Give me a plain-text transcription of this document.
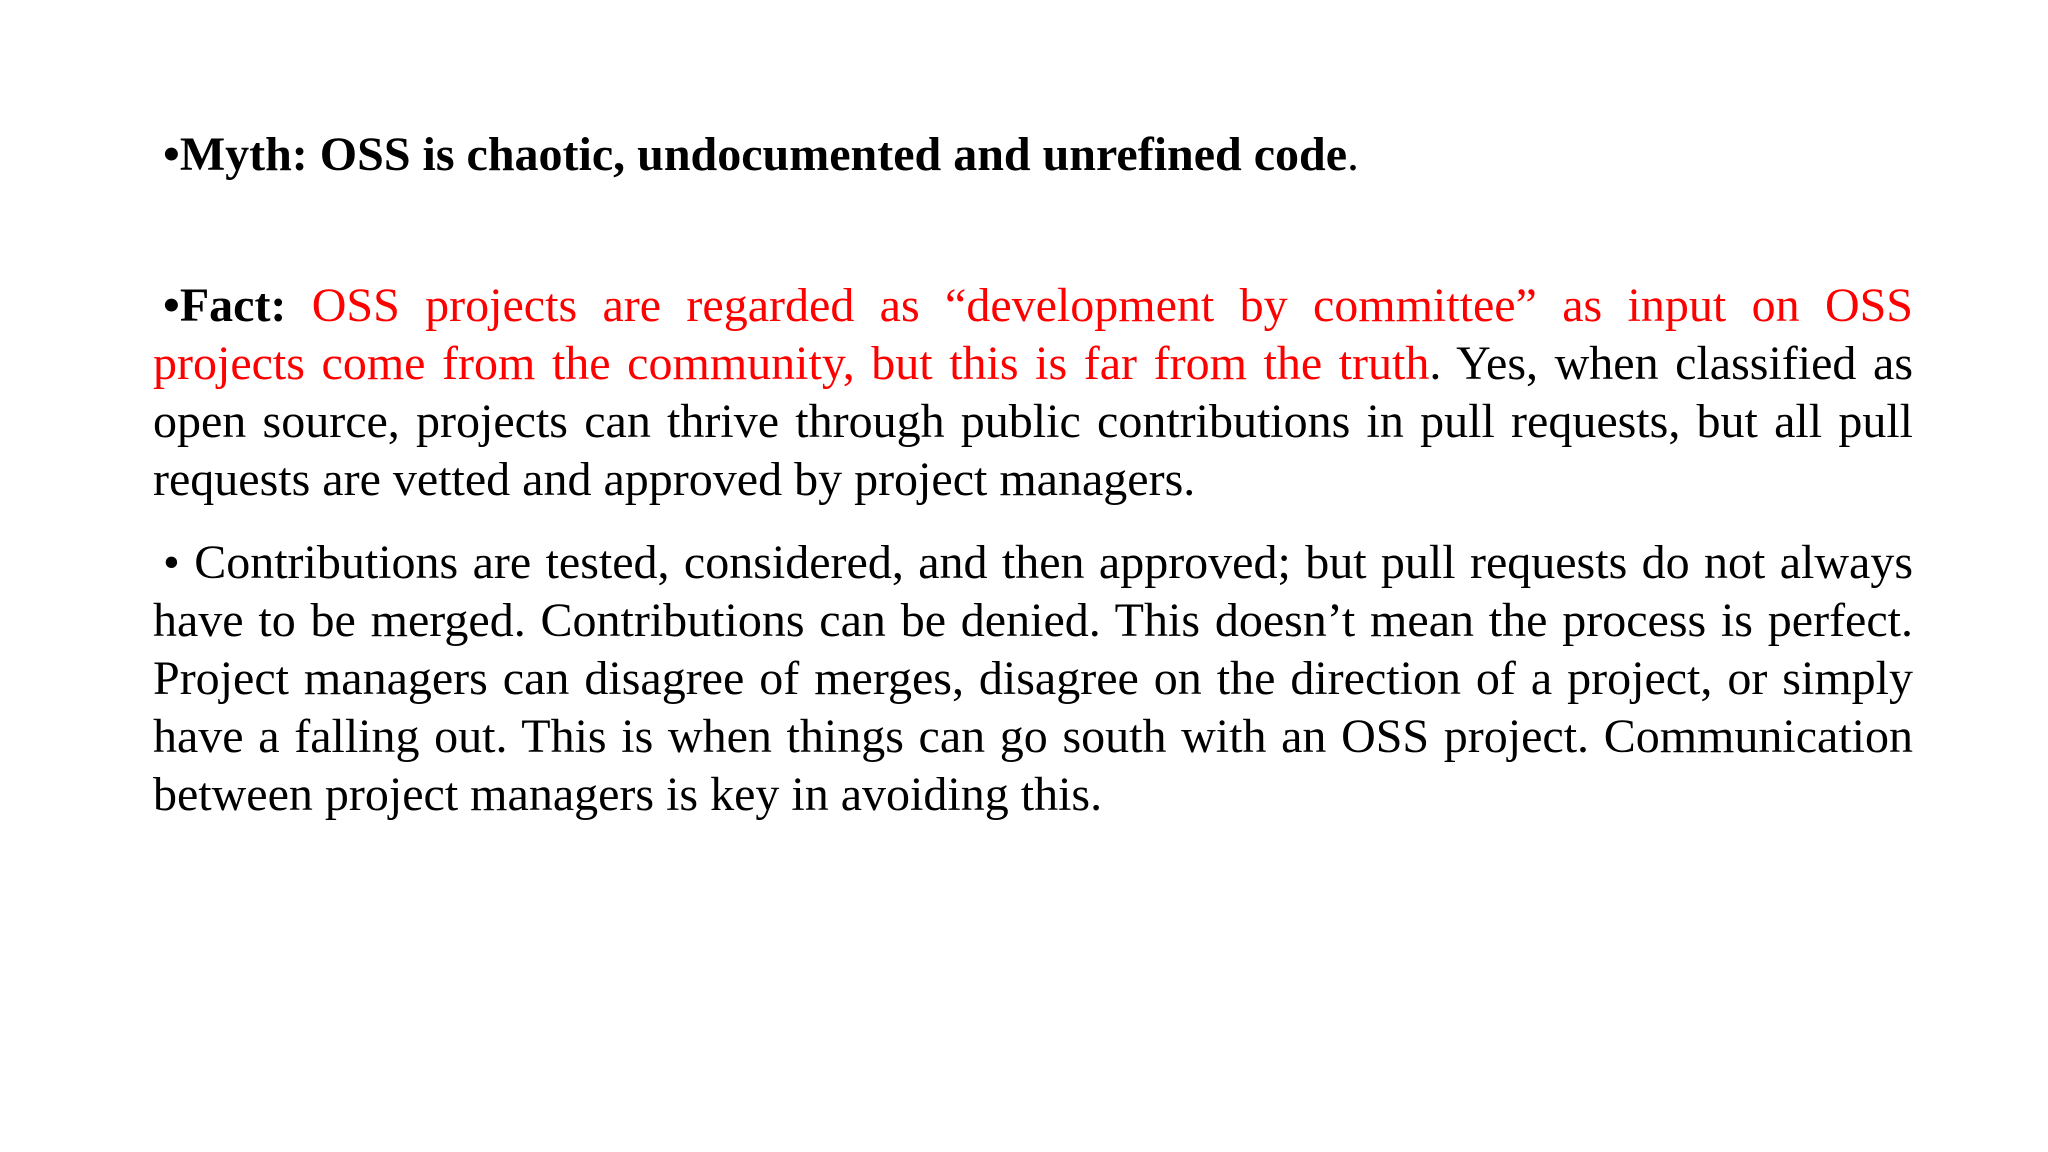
•Myth: OSS is chaotic, undocumented and unrefined code.

•Fact: OSS projects are regarded as “development by committee” as input on OSS projects come from the community, but this is far from the truth. Yes, when classified as open source, projects can thrive through public contributions in pull requests, but all pull requests are vetted and approved by project managers.

• Contributions are tested, considered, and then approved; but pull requests do not always have to be merged. Contributions can be denied. This doesn’t mean the process is perfect. Project managers can disagree of merges, disagree on the direction of a project, or simply have a falling out. This is when things can go south with an OSS project. Communication between project managers is key in avoiding this.
